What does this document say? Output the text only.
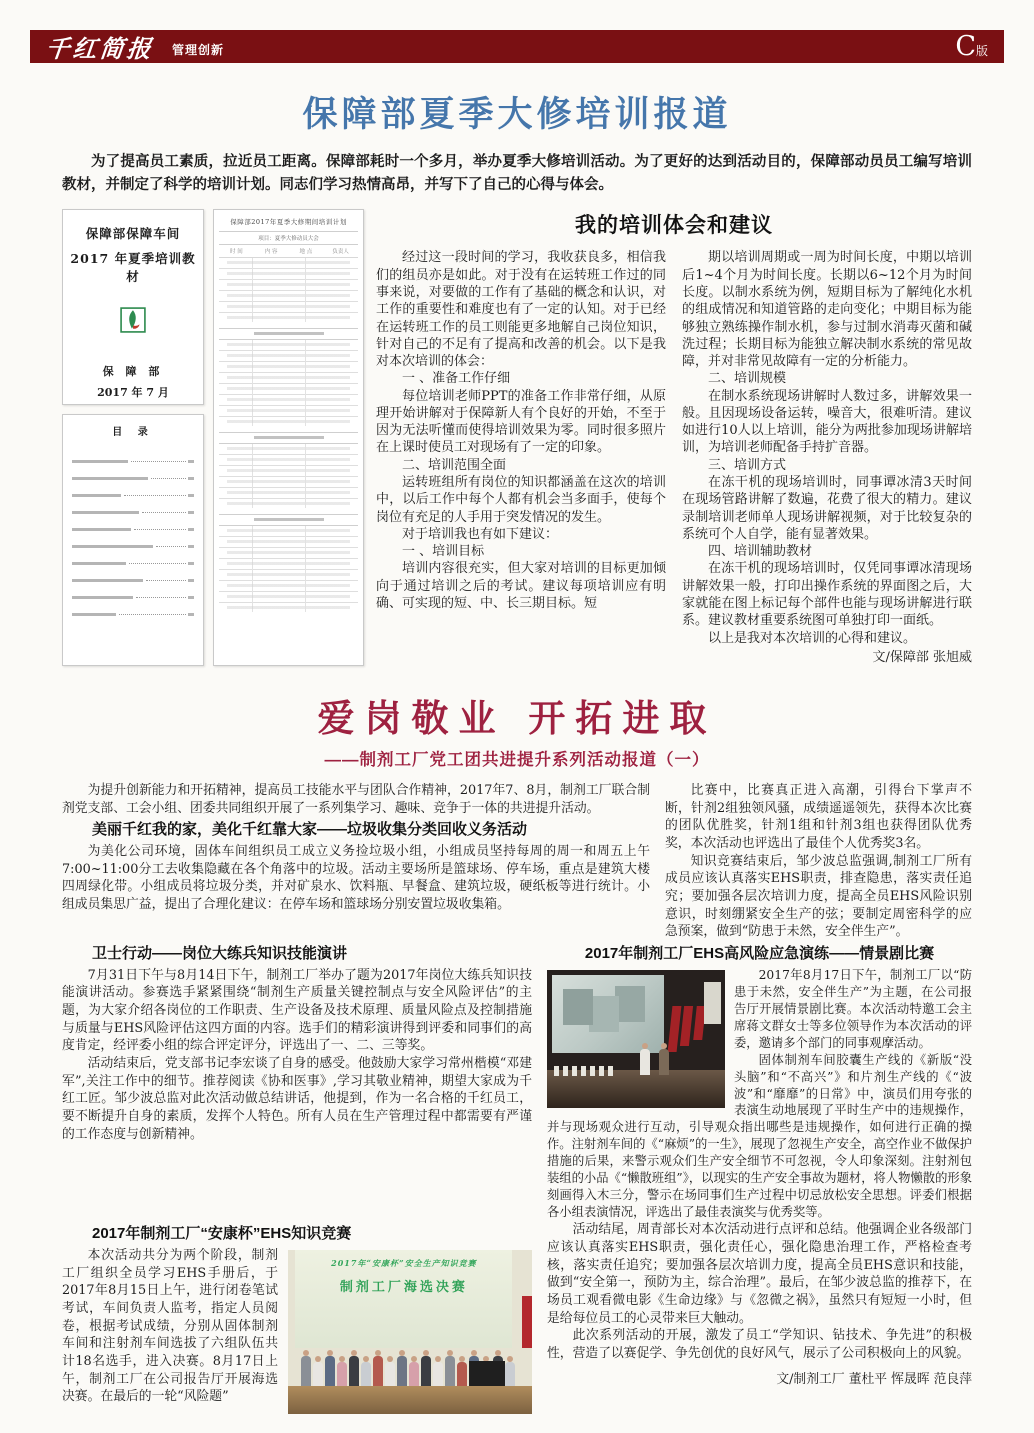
千红简报 管理创新	C 版
保障部夏季大修培训报道

为了提高员工素质，拉近员工距离。保障部耗时一个多月，举办夏季大修培训活动。为了更好的达到活动目的，保障部动员员工编写培训教材，并制定了科学的培训计划。同志们学习热情高昂，并写下了自己的心得与体会。

保障部保障车间
2017 年夏季培训教材
保 障 部
2017 年 7 月
目 录
保障部2017年夏季大修期间培训计划
项目：夏季大修动员大会
时 间	内 容	地 点	负责人
我的培训体会和建议

经过这一段时间的学习，我收获良多，相信我们的组员亦是如此。对于没有在运转班工作过的同事来说，对要做的工作有了基础的概念和认识，对工作的重要性和难度也有了一定的认知。对于已经在运转班工作的员工则能更多地解自己岗位知识，针对自己的不足有了提高和改善的机会。以下是我对本次培训的体会：

一 、准备工作仔细

每位培训老师PPT的准备工作非常仔细，从原理开始讲解对于保障新人有个良好的开始，不至于因为无法听懂而使得培训效果为零。同时很多照片在上课时使员工对现场有了一定的印象。

二、培训范围全面

运转班组所有岗位的知识都涵盖在这次的培训中，以后工作中每个人都有机会当多面手，使每个岗位有充足的人手用于突发情况的发生。

对于培训我也有如下建议：

一 、培训目标

培训内容很充实，但大家对培训的目标更加倾向于通过培训之后的考试。建议每项培训应有明确、可实现的短、中、长三期目标。短

期以培训周期或一周为时间长度，中期以培训后1~4个月为时间长度。长期以6~12个月为时间长度。以制水系统为例，短期目标为了解纯化水机的组成情况和知道管路的走向变化；中期目标为能够独立熟练操作制水机，参与过制水消毒灭菌和碱洗过程；长期目标为能独立解决制水系统的常见故障，并对非常见故障有一定的分析能力。

二、培训规模

在制水系统现场讲解时人数过多，讲解效果一般。且因现场设备运转，噪音大，很难听清。建议如进行10人以上培训，能分为两批参加现场讲解培训，为培训老师配备手持扩音器。

三、培训方式

在冻干机的现场培训时，同事谭冰清3天时间在现场管路讲解了数遍，花费了很大的精力。建议录制培训老师单人现场讲解视频，对于比较复杂的系统可个人自学，能有显著效果。

四、培训辅助教材

在冻干机的现场培训时，仅凭同事谭冰清现场讲解效果一般，打印出操作系统的界面图之后，大家就能在图上标记每个部件也能与现场讲解进行联系。建议教材重要系统图可单独打印一面纸。

以上是我对本次培训的心得和建议。

文/保障部 张旭威

爱岗敬业 开拓进取
——制剂工厂党工团共进提升系列活动报道（一）

为提升创新能力和开拓精神，提高员工技能水平与团队合作精神，2017年7、8月，制剂工厂联合制剂党支部、工会小组、团委共同组织开展了一系列集学习、趣味、竞争于一体的共进提升活动。

美丽千红我的家，美化千红靠大家——垃圾收集分类回收义务活动

为美化公司环境，固体车间组织员工成立义务捡垃圾小组，小组成员坚持每周的周一和周五上午7:00~11:00分工去收集隐藏在各个角落中的垃圾。活动主要场所是篮球场、停车场，重点是建筑大楼四周绿化带。小组成员将垃圾分类，并对矿泉水、饮料瓶、早餐盒、建筑垃圾，硬纸板等进行统计。小组成员集思广益，提出了合理化建议：在停车场和篮球场分别安置垃圾收集箱。

比赛中，比赛真正进入高潮，引得台下掌声不断，针剂2组独领风骚，成绩遥遥领先，获得本次比赛的团队优胜奖，针剂1组和针剂3组也获得团队优秀奖，本次活动也评选出了最佳个人优秀奖3名。

知识竞赛结束后，邹少波总监强调,制剂工厂所有成员应该认真落实EHS职责，排查隐患，落实责任追究；要加强各层次培训力度，提高全员EHS风险识别意识，时刻绷紧安全生产的弦；要制定周密科学的应急预案，做到“防患于未然，安全伴生产”。

卫士行动——岗位大练兵知识技能演讲

7月31日下午与8月14日下午，制剂工厂举办了题为2017年岗位大练兵知识技能演讲活动。参赛选手紧紧围绕“制剂生产质量关键控制点与安全风险评估”的主题，为大家介绍各岗位的工作职责、生产设备及技术原理、质量风险点及控制措施与质量与EHS风险评估这四方面的内容。选手们的精彩演讲得到评委和同事们的高度肯定，经评委小组的综合评定评分，评选出了一、二、三等奖。

活动结束后，党支部书记李宏谈了自身的感受。他鼓励大家学习常州楷模“邓建军”,关注工作中的细节。推荐阅读《协和医事》,学习其敬业精神，期望大家成为千红工匠。邹少波总监对此次活动做总结讲话，他提到，作为一名合格的千红员工，要不断提升自身的素质，发挥个人特色。所有人员在生产管理过程中都需要有严谨的工作态度与创新精神。

2017年制剂工厂EHS高风险应急演练——情景剧比赛

2017年8月17日下午，制剂工厂以“防患于未然，安全伴生产”为主题，在公司报告厅开展情景剧比赛。本次活动特邀工会主席蒋文群女士等多位领导作为本次活动的评委，邀请多个部门的同事观摩活动。

固体制剂车间胶囊生产线的《新版“没头脑”和“不高兴”》和片剂生产线的《“波波”和“靡靡”的日常》中，演员们用夸张的表演生动地展现了平时生产中的违规操作，并与现场观众进行互动，引导观众指出哪些是违规操作，如何进行正确的操作。注射剂车间的《“麻烦”的一生》，展现了忽视生产安全，高空作业不做保护措施的后果，来警示观众们生产安全细节不可忽视，令人印象深刻。注射剂包装组的小品《“懒散班组”》，以现实的生产安全事故为题材，将人物懒散的形象刻画得入木三分，警示在场同事们生产过程中切忌放松安全思想。评委们根据各小组表演情况，评选出了最佳表演奖与优秀奖等。

2017年制剂工厂“安康杯”EHS知识竞赛
2017年“安康杯”安全生产知识竞赛
制剂工厂海选决赛

本次活动共分为两个阶段，制剂工厂组织全员学习EHS手册后，于2017年8月15日上午，进行闭卷笔试考试，车间负责人监考，指定人员阅卷，根据考试成绩，分别从固体制剂车间和注射剂车间选拔了六组队伍共计18名选手，进入决赛。8月17日上午，制剂工厂在公司报告厅开展海选决赛。在最后的一轮“风险题”

活动结尾，周青部长对本次活动进行点评和总结。他强调企业各级部门应该认真落实EHS职责，强化责任心，强化隐患治理工作，严格检查考核，落实责任追究；要加强各层次培训力度，提高全员EHS意识和技能，做到“安全第一，预防为主，综合治理”。最后，在邹少波总监的推荐下，在场员工观看微电影《生命边缘》与《忽微之祸》，虽然只有短短一小时，但是给每位员工的心灵带来巨大触动。

此次系列活动的开展，激发了员工“学知识、钻技术、争先进”的积极性，营造了以赛促学、争先创优的良好风气，展示了公司积极向上的风貌。

文/制剂工厂 董杜平 恽晟晖 范良萍
